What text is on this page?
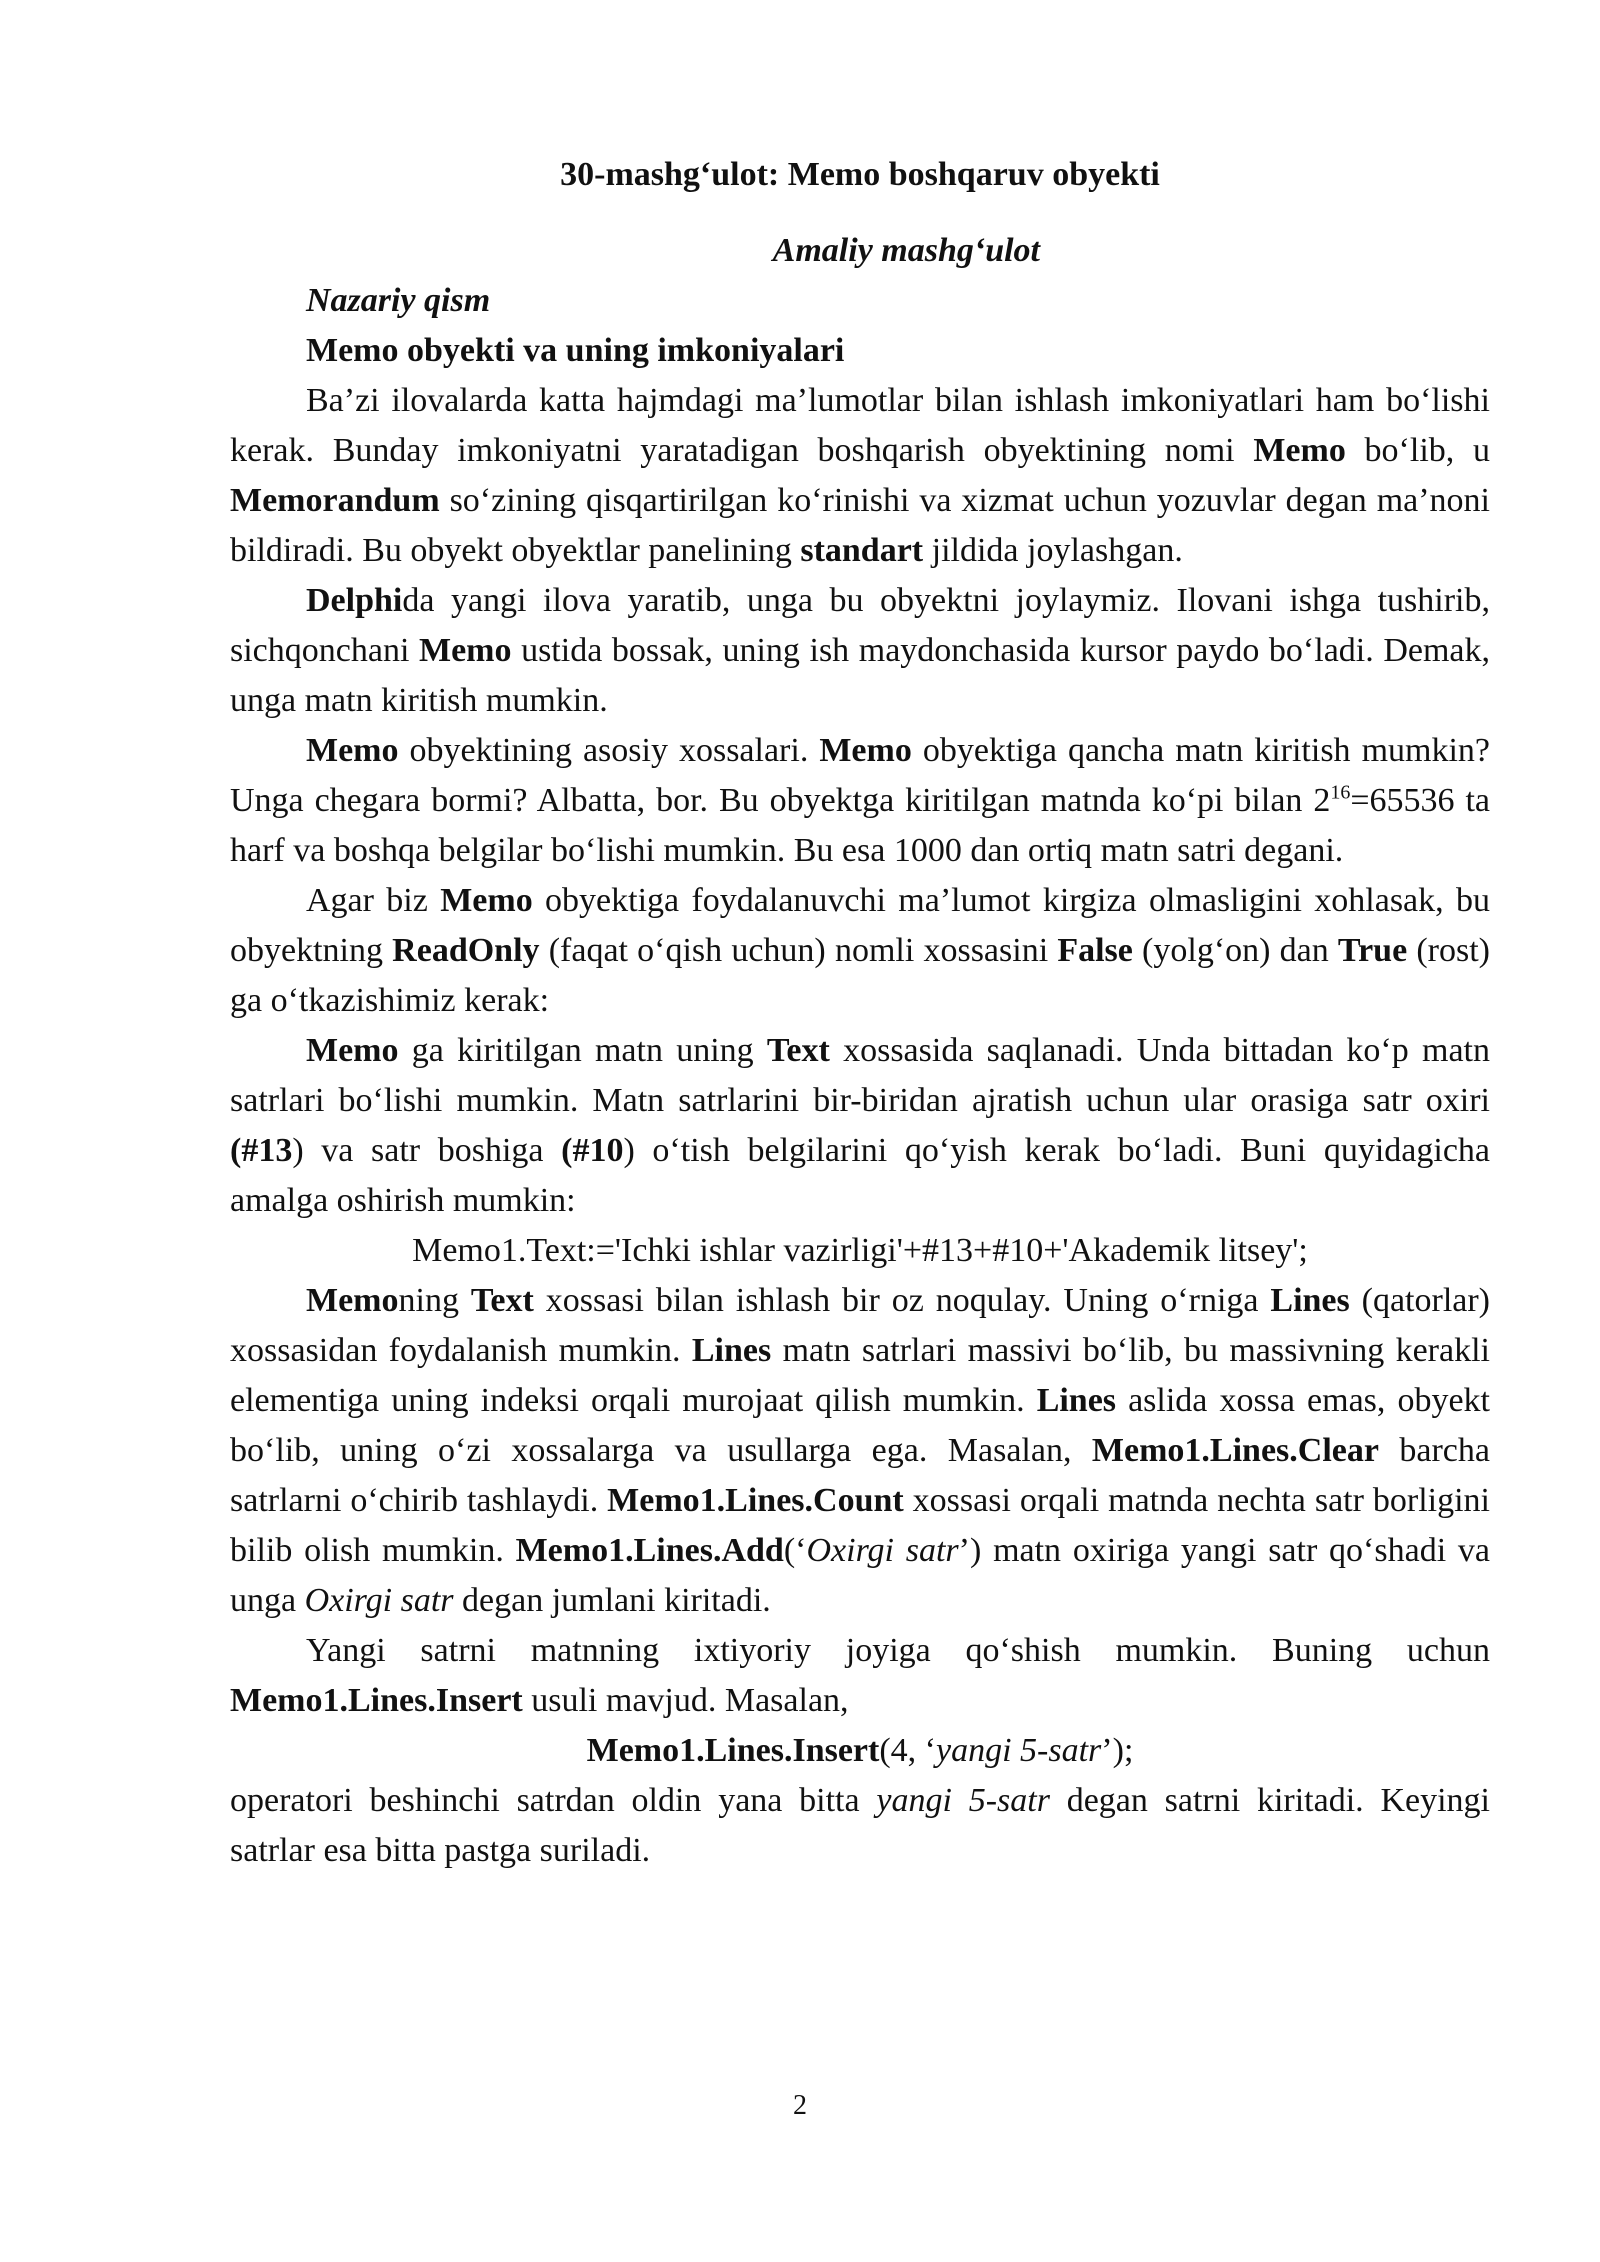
30-mashg‘ulot: Memo boshqaruv obyekti
Amaliy mashg‘ulot
Nazariy qism
Memo obyekti va uning imkoniyalari

Ba’zi ilovalarda katta hajmdagi ma’lumotlar bilan ishlash imkoniyatlari ham bo‘lishi kerak. Bunday imkoniyatni yaratadigan boshqarish obyektining nomi Memo bo‘lib, u Memorandum so‘zining qisqartirilgan ko‘rinishi va xizmat uchun yozuvlar degan ma’noni bildiradi. Bu obyekt obyektlar panelining standart jildida joylashgan.

Delphida yangi ilova yaratib, unga bu obyektni joylaymiz. Ilovani ishga tushirib, sichqonchani Memo ustida bossak, uning ish maydonchasida kursor paydo bo‘ladi. Demak, unga matn kiritish mumkin.

Memo obyektining asosiy xossalari. Memo obyektiga qancha matn kiritish mumkin? Unga chegara bormi? Albatta, bor. Bu obyektga kiritilgan matnda ko‘pi bilan $2^{16}=65536$ ta harf va boshqa belgilar bo‘lishi mumkin. Bu esa 1000 dan ortiq matn satri degani.

Agar biz Memo obyektiga foydalanuvchi ma’lumot kirgiza olmasligini xohlasak, bu obyektning ReadOnly (faqat o‘qish uchun) nomli xossasini False (yolg‘on) dan True (rost) ga o‘tkazishimiz kerak:

Memo ga kiritilgan matn uning Text xossasida saqlanadi. Unda bittadan ko‘p matn satrlari bo‘lishi mumkin. Matn satrlarini bir-biridan ajratish uchun ular orasiga satr oxiri (#13) va satr boshiga (#10) o‘tish belgilarini qo‘yish kerak bo‘ladi. Buni quyidagicha amalga oshirish mumkin:

Memo1.Text:='Ichki ishlar vazirligi'+#13+#10+'Akademik litsey';

Memoning Text xossasi bilan ishlash bir oz noqulay. Uning o‘rniga Lines (qatorlar) xossasidan foydalanish mumkin. Lines matn satrlari massivi bo‘lib, bu massivning kerakli elementiga uning indeksi orqali murojaat qilish mumkin. Lines aslida xossa emas, obyekt bo‘lib, uning o‘zi xossalarga va usullarga ega. Masalan, Memo1.Lines.Clear barcha satrlarni o‘chirib tashlaydi. Memo1.Lines.Count xossasi orqali matnda nechta satr borligini bilib olish mumkin. Memo1.Lines.Add(‘Oxirgi satr’) matn oxiriga yangi satr qo‘shadi va unga Oxirgi satr degan jumlani kiritadi.

Yangi satrni matnning ixtiyoriy joyiga qo‘shish mumkin. Buning uchun Memo1.Lines.Insert usuli mavjud. Masalan,

Memo1.Lines.Insert(4, ‘yangi 5-satr’);

operatori beshinchi satrdan oldin yana bitta yangi 5-satr degan satrni kiritadi. Keyingi satrlar esa bitta pastga suriladi.

2
